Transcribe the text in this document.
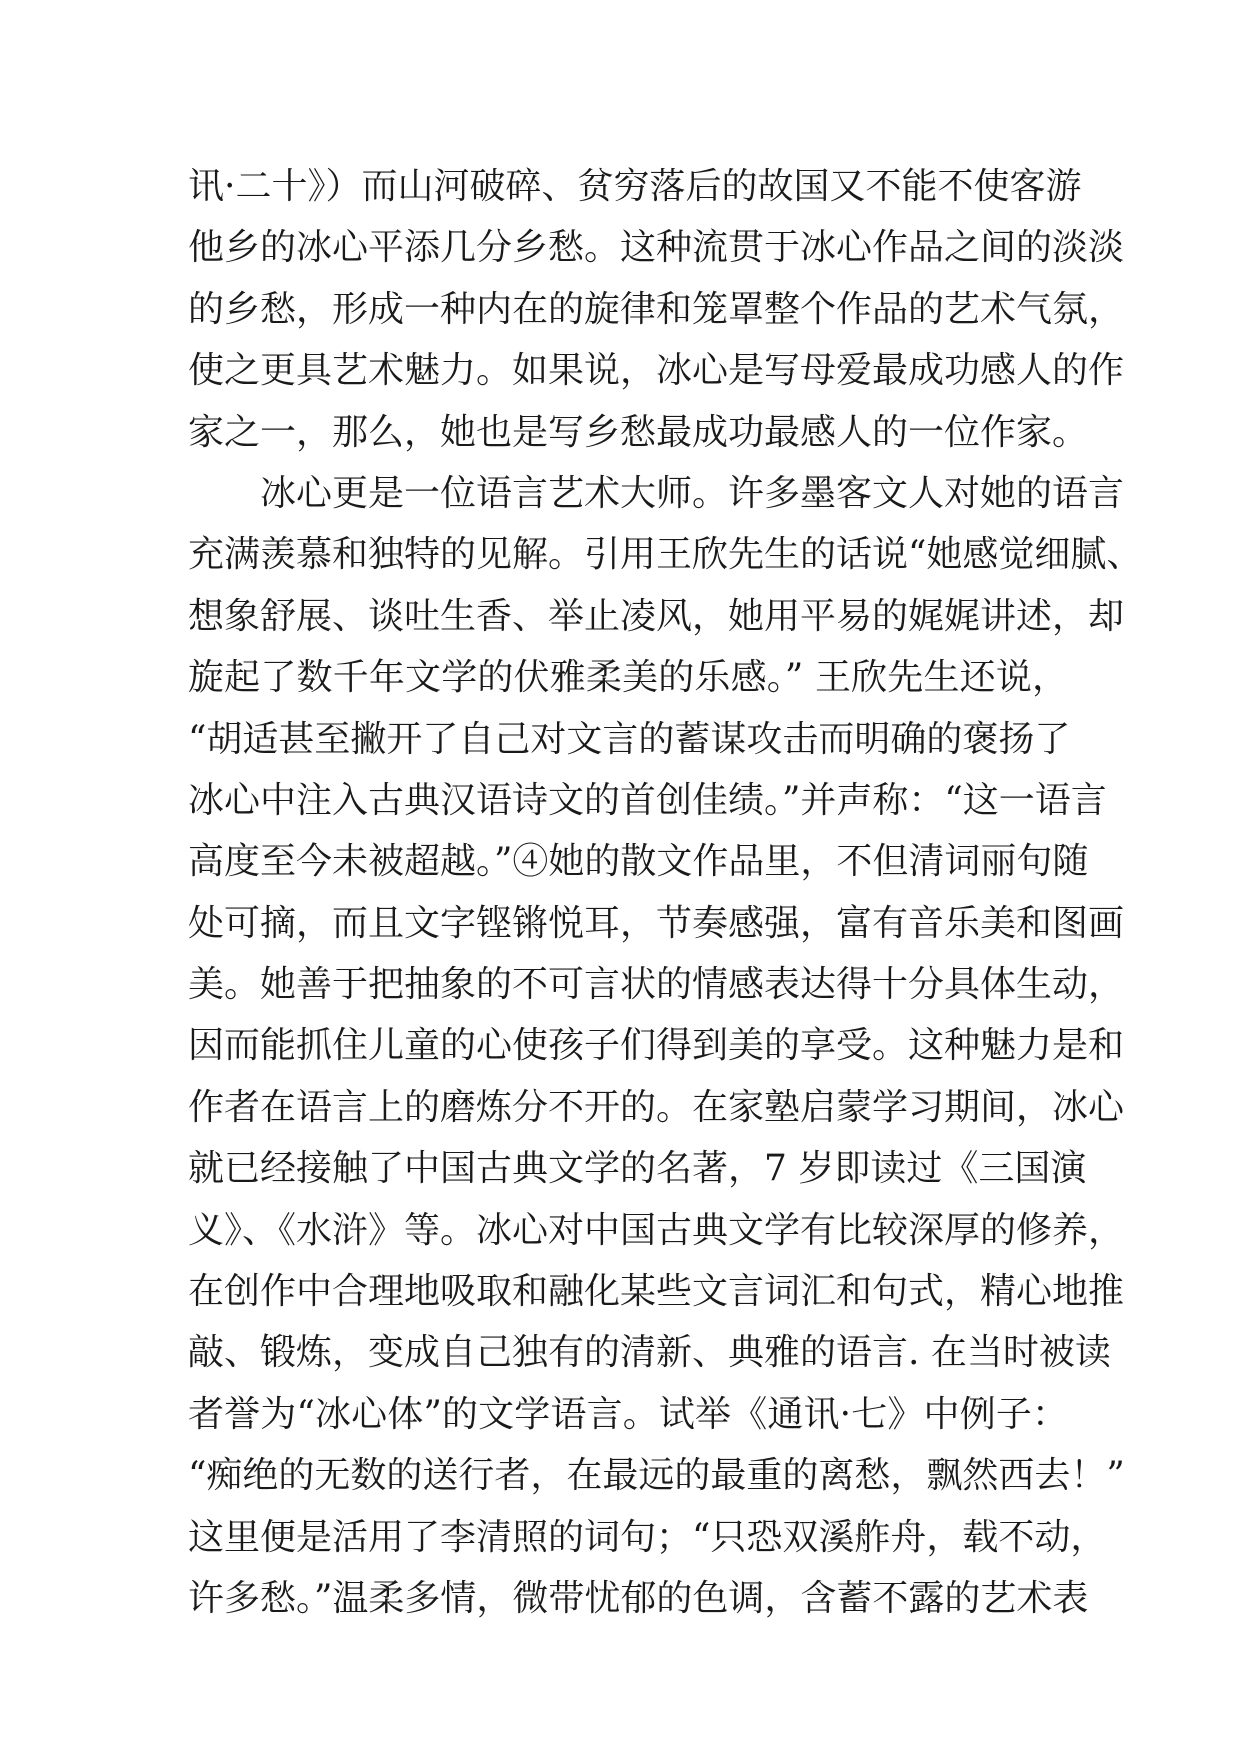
讯·二十》）而山河破碎、贫穷落后的故国又不能不使客游
他乡的冰心平添几分乡愁。这种流贯于冰心作品之间的淡淡
的乡愁，形成一种内在的旋律和笼罩整个作品的艺术气氛，
使之更具艺术魅力。如果说，冰心是写母爱最成功感人的作
家之一，那么，她也是写乡愁最成功最感人的一位作家。
冰心更是一位语言艺术大师。许多墨客文人对她的语言
充满羡慕和独特的见解。引用王欣先生的话说“她感觉细腻、
想象舒展、谈吐生香、举止凌风，她用平易的娓娓讲述，却
旋起了数千年文学的伏雅柔美的乐感。” 王欣先生还说，
“胡适甚至撇开了自己对文言的蓄谋攻击而明确的褒扬了
冰心中注入古典汉语诗文的首创佳绩。”并声称：“这一语言
高度至今未被超越。”④她的散文作品里，不但清词丽句随
处可摘，而且文字铿锵悦耳，节奏感强，富有音乐美和图画
美。她善于把抽象的不可言状的情感表达得十分具体生动，
因而能抓住儿童的心使孩子们得到美的享受。这种魅力是和
作者在语言上的磨炼分不开的。在家塾启蒙学习期间，冰心
就已经接触了中国古典文学的名著，7 岁即读过《三国演
义》、《水浒》等。冰心对中国古典文学有比较深厚的修养，
在创作中合理地吸取和融化某些文言词汇和句式，精心地推
敲、锻炼，变成自己独有的清新、典雅的语言. 在当时被读
者誉为“冰心体”的文学语言。试举《通讯·七》中例子：
“痴绝的无数的送行者，在最远的最重的离愁，飘然西去！”
这里便是活用了李清照的词句；“只恐双溪舴舟，载不动，
许多愁。”温柔多情，微带忧郁的色调，含蓄不露的艺术表
